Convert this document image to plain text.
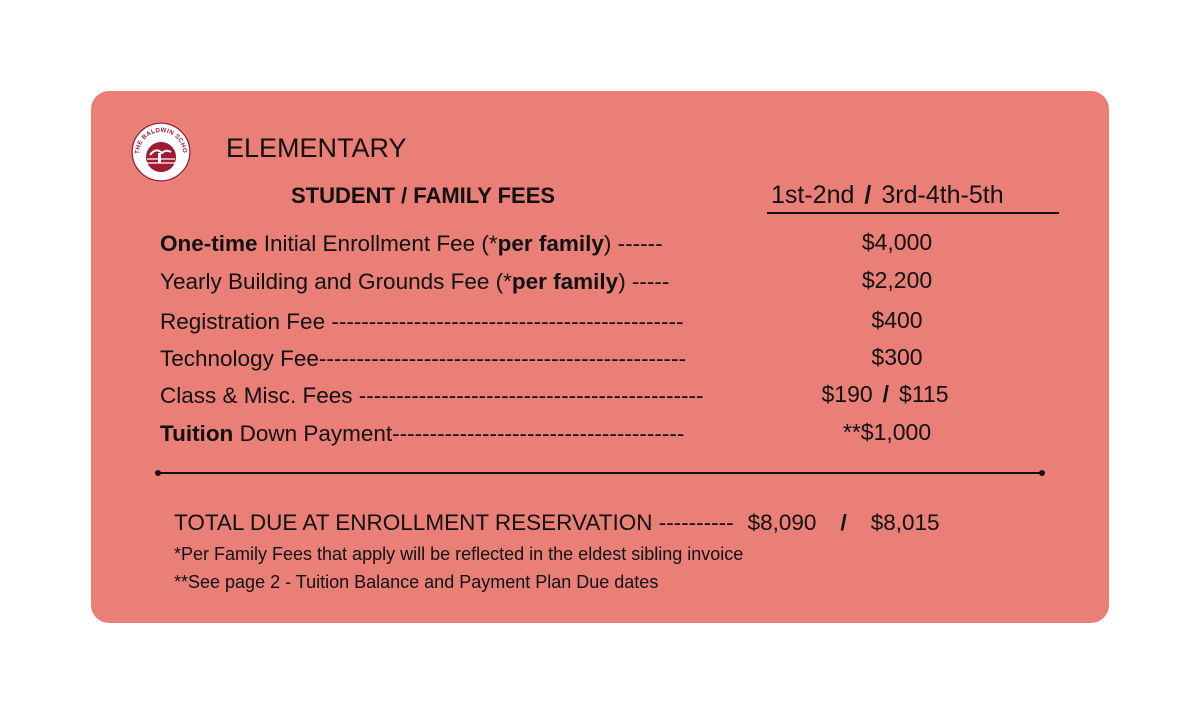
THE BALDWIN SCHO ELEMENTARY
STUDENT / FAMILY FEES	1st-2nd / 3rd-4th-5th
One-time Initial Enrollment Fee (*per family) ------	$4,000
Yearly Building and Grounds Fee (*per family) -----	$2,200
Registration Fee -----------------------------------------------	$400
Technology Fee-------------------------------------------------	$300
Class & Misc. Fees ----------------------------------------------	$190 / $115
Tuition Down Payment---------------------------------------	**$1,000
TOTAL DUE AT ENROLLMENT RESERVATION ---------- $8,090 / $8,015
*Per Family Fees that apply will be reflected in the eldest sibling invoice
**See page 2 - Tuition Balance and Payment Plan Due dates
